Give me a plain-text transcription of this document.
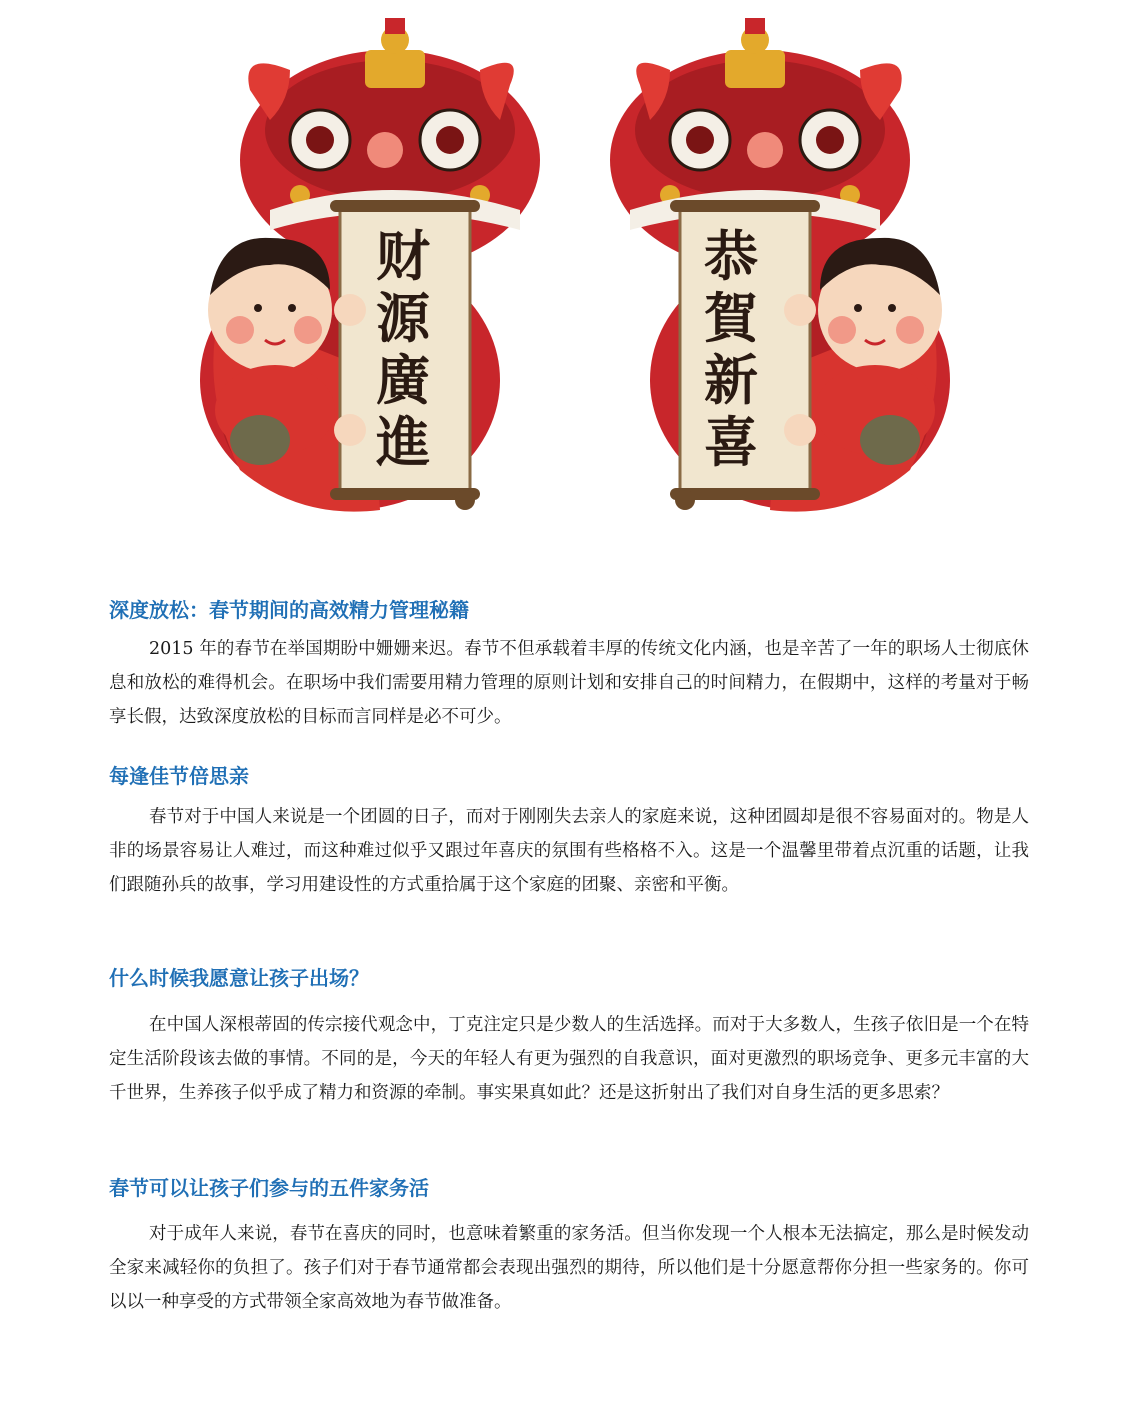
财源廣進
恭賀新喜
深度放松：春节期间的高效精力管理秘籍

2015 年的春节在举国期盼中姗姗来迟。春节不但承载着丰厚的传统文化内涵，也是辛苦了一年的职场人士彻底休息和放松的难得机会。在职场中我们需要用精力管理的原则计划和安排自己的时间精力，在假期中，这样的考量对于畅享长假，达致深度放松的目标而言同样是必不可少。

每逢佳节倍思亲

春节对于中国人来说是一个团圆的日子，而对于刚刚失去亲人的家庭来说，这种团圆却是很不容易面对的。物是人非的场景容易让人难过，而这种难过似乎又跟过年喜庆的氛围有些格格不入。这是一个温馨里带着点沉重的话题，让我们跟随孙兵的故事，学习用建设性的方式重拾属于这个家庭的团聚、亲密和平衡。

什么时候我愿意让孩子出场？

在中国人深根蒂固的传宗接代观念中，丁克注定只是少数人的生活选择。而对于大多数人，生孩子依旧是一个在特定生活阶段该去做的事情。不同的是，今天的年轻人有更为强烈的自我意识，面对更激烈的职场竞争、更多元丰富的大千世界，生养孩子似乎成了精力和资源的牵制。事实果真如此？还是这折射出了我们对自身生活的更多思索？

春节可以让孩子们参与的五件家务活

对于成年人来说，春节在喜庆的同时，也意味着繁重的家务活。但当你发现一个人根本无法搞定，那么是时候发动全家来减轻你的负担了。孩子们对于春节通常都会表现出强烈的期待，所以他们是十分愿意帮你分担一些家务的。你可以以一种享受的方式带领全家高效地为春节做准备。
